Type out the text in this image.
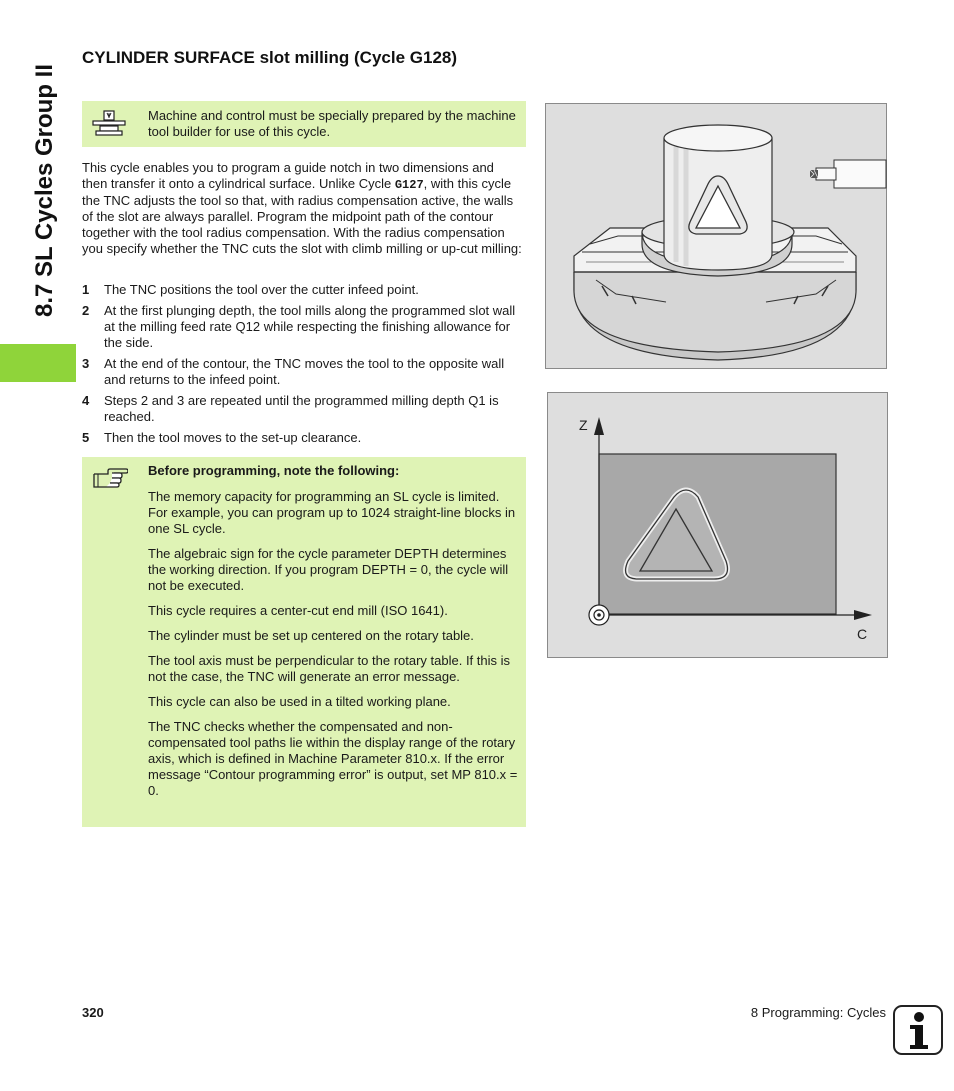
8.7 SL Cycles Group II
CYLINDER SURFACE slot milling (Cycle G128)
Machine and control must be specially prepared by the machine tool builder for use of this cycle.

This cycle enables you to program a guide notch in two dimensions and then transfer it onto a cylindrical surface. Unlike Cycle G127, with this cycle the TNC adjusts the tool so that, with radius compensation active, the walls of the slot are always parallel. Program the midpoint path of the contour together with the tool radius compensation. With the radius compensation you specify whether the TNC cuts the slot with climb milling or up-cut milling:

1 The TNC positions the tool over the cutter infeed point.
2 At the first plunging depth, the tool mills along the programmed slot wall at the milling feed rate Q12 while respecting the finishing allowance for the side.
3 At the end of the contour, the TNC moves the tool to the opposite wall and returns to the infeed point.
4 Steps 2 and 3 are repeated until the programmed milling depth Q1 is reached.
5 Then the tool moves to the set-up clearance.

Before programming, note the following:

The memory capacity for programming an SL cycle is limited. For example, you can program up to 1024 straight-line blocks in one SL cycle.

The algebraic sign for the cycle parameter DEPTH determines the working direction. If you program DEPTH = 0, the cycle will not be executed.

This cycle requires a center-cut end mill (ISO 1641).

The cylinder must be set up centered on the rotary table.

The tool axis must be perpendicular to the rotary table. If this is not the case, the TNC will generate an error message.

This cycle can also be used in a tilted working plane.

The TNC checks whether the compensated and non-compensated tool paths lie within the display range of the rotary axis, which is defined in Machine Parameter 810.x. If the error message “Contour programming error” is output, set MP 810.x = 0.

Z
C
320	8 Programming: Cycles
